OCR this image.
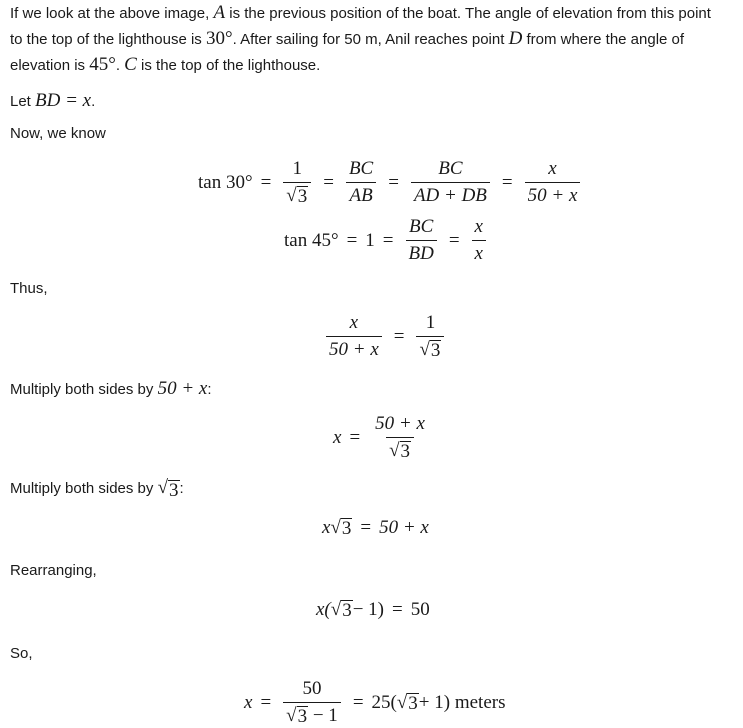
If we look at the above image, A is the previous position of the boat. The angle of elevation from this point
to the top of the lighthouse is 30°. After sailing for 50 m, Anil reaches point D from where the angle of
elevation is 45°. C is the top of the lighthouse.
Let BD = x.
Now, we know
$\tan 30^\circ = \frac{1}{√ 3} = \frac{BC}{AB} = \frac{BC}{AD + DB} = \frac{x}{50 + x}$
$\tan 45^\circ = 1 = \frac{BC}{BD} = \frac{x}{x}$
Thus,
$\frac{x}{50 + x} = \frac{1}{√ 3}$
Multiply both sides by 50 + x:
$x = \frac{50 + x}{√ 3}$
Multiply both sides by √ 3 :
x √ 3 = 50 + x
Rearranging,
x( √ 3 − 1) = 50
So,
$x = \frac{50}{√ 3 - 1} = 25$( √ 3 + 1) meters
